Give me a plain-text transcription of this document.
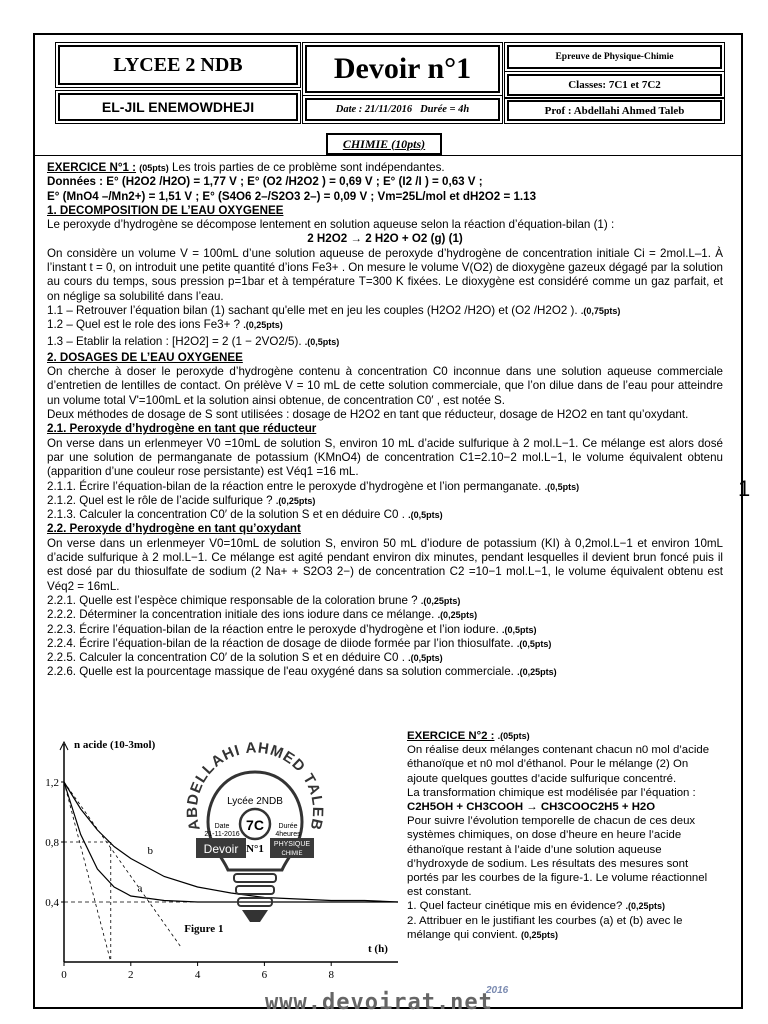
LYCEE 2 NDB
EL-JIL ENEMOWDHEJI
Devoir n°1
Date : 21/11/2016 Durée = 4h
Epreuve de Physique-Chimie
Classes: 7C1 et 7C2
Prof : Abdellahi Ahmed Taleb
CHIMIE (10pts)
1

EXERCICE N°1 : (05pts) Les trois parties de ce problème sont indépendantes.

Données : E° (H2O2 /H2O) = 1,77 V ; E° (O2 /H2O2 ) = 0,69 V ; E° (I2 /I ) = 0,63 V ;

E° (MnO4 –/Mn2+) = 1,51 V ; E° (S4O6 2–/S2O3 2–) = 0,09 V ; Vm=25L/mol et dH2O2 = 1.13

1. DECOMPOSITION DE L’EAU OXYGENEE

Le peroxyde d’hydrogène se décompose lentement en solution aqueuse selon la réaction d’équation-bilan (1) :

2 H2O2 → 2 H2O + O2 (g) (1)

On considère un volume V = 100mL d’une solution aqueuse de peroxyde d’hydrogène de concentration initiale Ci = 2mol.L–1. À l’instant t = 0, on introduit une petite quantité d’ions Fe3+ . On mesure le volume V(O2) de dioxygène gazeux dégagé par la solution au cours du temps, sous pression p=1bar et à température T=300 K fixées. Le dioxygène est considéré comme un gaz parfait, et on néglige sa solubilité dans l’eau.

1.1 – Retrouver l’équation bilan (1) sachant qu'elle met en jeu les couples (H2O2 /H2O) et (O2 /H2O2 ). .(0,75pts)

1.2 – Quel est le role des ions Fe3+ ? .(0,25pts)

1.3 – Etablir la relation : [H2O2] = 2 (1 − 2VO2/5). .(0,5pts)

2. DOSAGES DE L’EAU OXYGENEE

On cherche à doser le peroxyde d’hydrogène contenu à concentration C0 inconnue dans une solution aqueuse commerciale d’entretien de lentilles de contact. On prélève V = 10 mL de cette solution commerciale, que l’on dilue dans de l’eau pour atteindre un volume total V'=100mL et la solution ainsi obtenue, de concentration C0′ , est notée S.

Deux méthodes de dosage de S sont utilisées : dosage de H2O2 en tant que réducteur, dosage de H2O2 en tant qu’oxydant.

2.1. Peroxyde d’hydrogène en tant que réducteur

On verse dans un erlenmeyer V0 =10mL de solution S, environ 10 mL d’acide sulfurique à 2 mol.L−1. Ce mélange est alors dosé par une solution de permanganate de potassium (KMnO4) de concentration C1=2.10−2 mol.L−1, le volume équivalent obtenu (apparition d’une couleur rose persistante) est Véq1 =16 mL.

2.1.1. Écrire l’équation-bilan de la réaction entre le peroxyde d’hydrogène et l’ion permanganate. .(0,5pts)

2.1.2. Quel est le rôle de l’acide sulfurique ? .(0,25pts)

2.1.3. Calculer la concentration C0′ de la solution S et en déduire C0 . .(0,5pts)

2.2. Peroxyde d’hydrogène en tant qu’oxydant

On verse dans un erlenmeyer V0=10mL de solution S, environ 50 mL d’iodure de potassium (KI) à 0,2mol.L−1 et environ 10mL d’acide sulfurique à 2 mol.L−1. Ce mélange est agité pendant environ dix minutes, pendant lesquelles il devient brun foncé puis il est dosé par du thiosulfate de sodium (2 Na+ + S2O3 2−) de concentration C2 =10−1 mol.L−1, le volume équivalent obtenu est Véq2 = 16mL.

2.2.1. Quelle est l’espèce chimique responsable de la coloration brune ? .(0,25pts)

2.2.2. Déterminer la concentration initiale des ions iodure dans ce mélange. .(0,25pts)

2.2.3. Écrire l’équation-bilan de la réaction entre le peroxyde d’hydrogène et l’ion iodure. .(0,5pts)

2.2.4. Écrire l’équation-bilan de la réaction de dosage de diiode formée par l’ion thiosulfate. .(0,5pts)

2.2.5. Calculer la concentration C0′ de la solution S et en déduire C0 . .(0,5pts)

2.2.6. Quelle est la pourcentage massique de l'eau oxygéné dans sa solution commerciale. .(0,25pts)

0	2	4	6	8
0,4
0,8
1,2
a
b
n acide (10-3mol)
t (h)
Figure 1
ABDELLAHI AHMED TALEB
Lycée 2NDB
7C
Date
21-11-2016
Durée
4heures
Devoir N°1 PHYSIQUE
CHIMIE

EXERCICE N°2 : .(05pts)

On réalise deux mélanges contenant chacun n0 mol d’acide éthanoïque et n0 mol d’éthanol. Pour le mélange (2) On ajoute quelques gouttes d’acide sulfurique concentré.

La transformation chimique est modélisée par l’équation :

C2H5OH + CH3COOH → CH3COOC2H5 + H2O

Pour suivre l’évolution temporelle de chacun de ces deux systèmes chimiques, on dose d’heure en heure l’acide éthanoïque restant à l’aide d’une solution aqueuse d’hydroxyde de sodium. Les résultats des mesures sont portés par les courbes de la figure-1. Le volume réactionnel est constant.

1. Quel facteur cinétique mis en évidence? .(0,25pts)

2. Attribuer en le justifiant les courbes (a) et (b) avec le mélange qui convient. (0,25pts)

www.devoirat.net
2016
